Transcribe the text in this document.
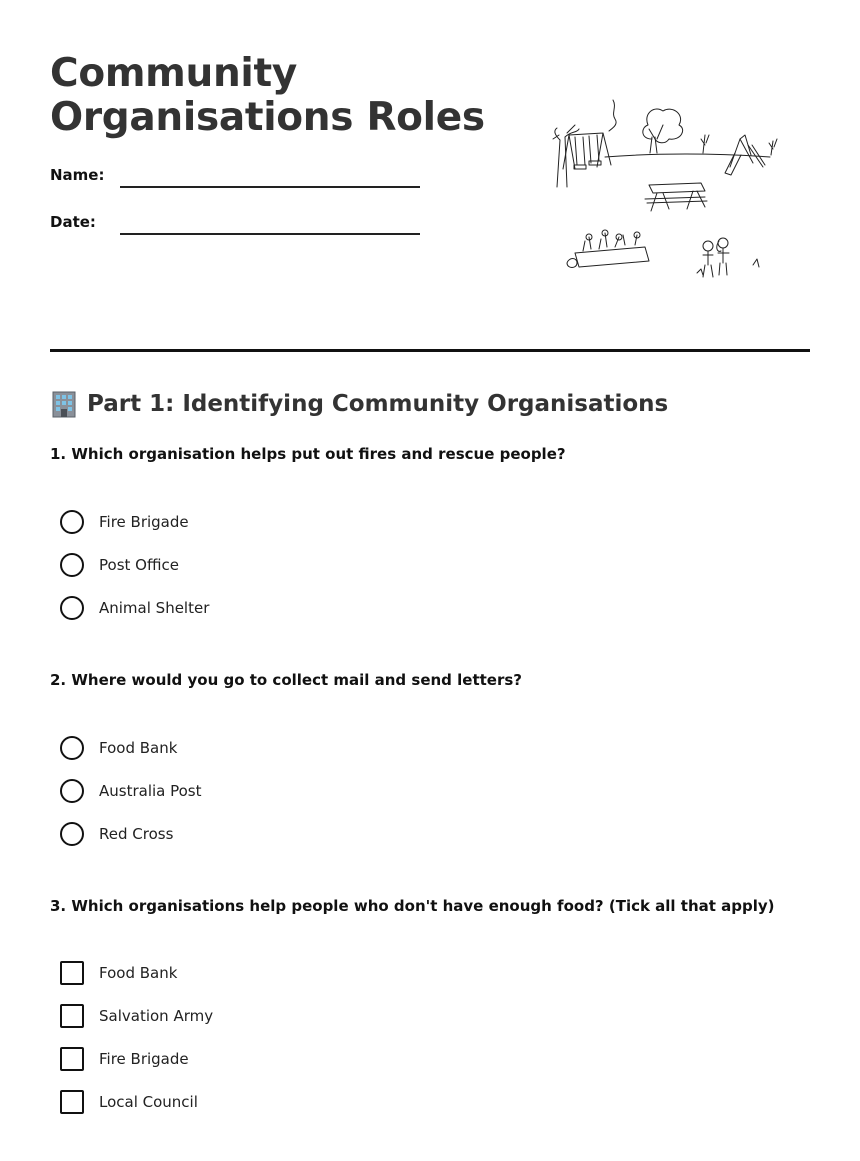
Community
Organisations Roles
Name:
Date:
Part 1: Identifying Community Organisations
1. Which organisation helps put out fires and rescue people?
Fire Brigade
Post Office
Animal Shelter
2. Where would you go to collect mail and send letters?
Food Bank
Australia Post
Red Cross
3. Which organisations help people who don't have enough food? (Tick all that apply)
Food Bank
Salvation Army
Fire Brigade
Local Council
